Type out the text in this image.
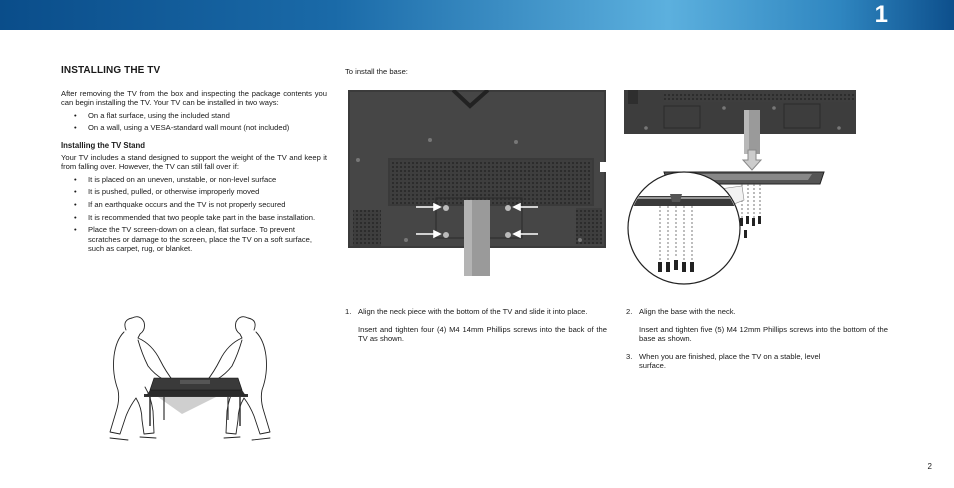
1
INSTALLING THE TV

After removing the TV from the box and inspecting the package contents you can begin installing the TV. Your TV can be installed in two ways:

• On a flat surface, using the included stand
• On a wall, using a VESA-standard wall mount (not included)
Installing the TV Stand

Your TV includes a stand designed to support the weight of the TV and keep it from falling over. However, the TV can still fall over if:

• It is placed on an uneven, unstable, or non-level surface
• It is pushed, pulled, or otherwise improperly moved
• If an earthquake occurs and the TV is not properly secured
• It is recommended that two people take part in the base installation.
• Place the TV screen-down on a clean, flat surface. To prevent scratches or damage to the screen, place the TV on a soft surface, such as carpet, rug, or blanket.

To install the base:

1. Align the neck piece with the bottom of the TV and slide it into place.

Insert and tighten four (4) M4 14mm Phillips screws into the back of the TV as shown.

2. Align the base with the neck.

Insert and tighten five (5) M4 12mm Phillips screws into the bottom of the base as shown.

3. When you are finished, place the TV on a stable, level surface.

2
